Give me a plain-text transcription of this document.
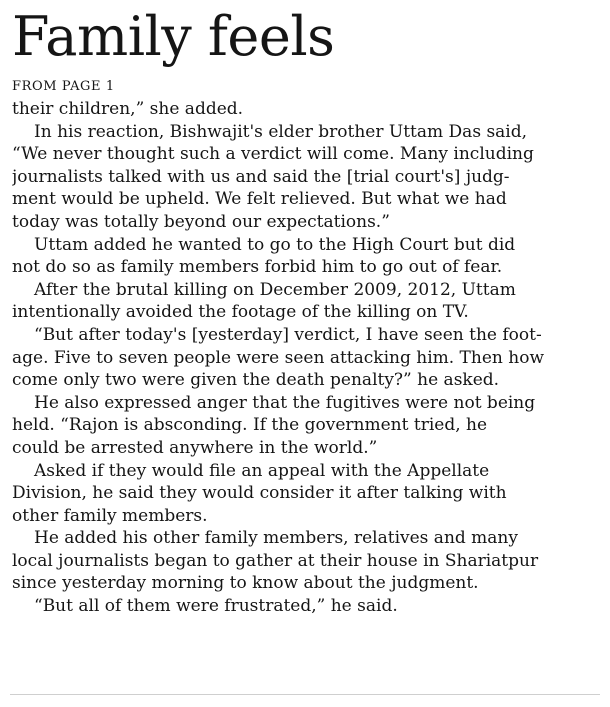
Family feels
FROM PAGE 1
their children,” she added.
In his reaction, Bishwajit's elder brother Uttam Das said,
“We never thought such a verdict will come. Many including
journalists talked with us and said the [trial court's] judg-
ment would be upheld. We felt relieved. But what we had
today was totally beyond our expectations.”
Uttam added he wanted to go to the High Court but did
not do so as family members forbid him to go out of fear.
After the brutal killing on December 2009, 2012, Uttam
intentionally avoided the footage of the killing on TV.
“But after today's [yesterday] verdict, I have seen the foot-
age. Five to seven people were seen attacking him. Then how
come only two were given the death penalty?” he asked.
He also expressed anger that the fugitives were not being
held. “Rajon is absconding. If the government tried, he
could be arrested anywhere in the world.”
Asked if they would file an appeal with the Appellate
Division, he said they would consider it after talking with
other family members.
He added his other family members, relatives and many
local journalists began to gather at their house in Shariatpur
since yesterday morning to know about the judgment.
“But all of them were frustrated,” he said.
